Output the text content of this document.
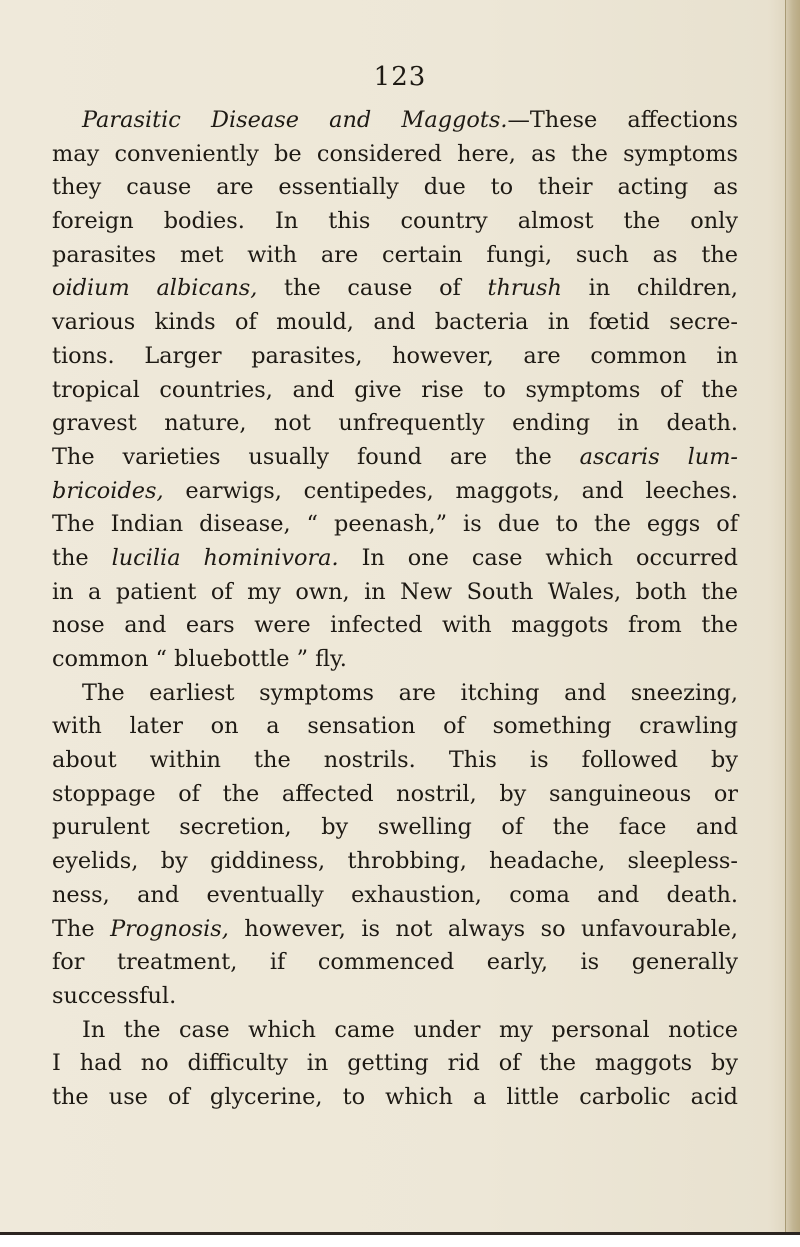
123
Parasitic Disease and Maggots.—These affections
may conveniently be considered here, as the symptoms
they cause are essentially due to their acting as
foreign bodies. In this country almost the only
parasites met with are certain fungi, such as the
oidium albicans, the cause of thrush in children,
various kinds of mould, and bacteria in fœtid secre-
tions. Larger parasites, however, are common in
tropical countries, and give rise to symptoms of the
gravest nature, not unfrequently ending in death.
The varieties usually found are the ascaris lum-
bricoides, earwigs, centipedes, maggots, and leeches.
The Indian disease, “ peenash,” is due to the eggs of
the lucilia hominivora. In one case which occurred
in a patient of my own, in New South Wales, both the
nose and ears were infected with maggots from the
common “ bluebottle ” fly.
The earliest symptoms are itching and sneezing,
with later on a sensation of something crawling
about within the nostrils. This is followed by
stoppage of the affected nostril, by sanguineous or
purulent secretion, by swelling of the face and
eyelids, by giddiness, throbbing, headache, sleepless-
ness, and eventually exhaustion, coma and death.
The Prognosis, however, is not always so unfavourable,
for treatment, if commenced early, is generally
successful.
In the case which came under my personal notice
I had no difficulty in getting rid of the maggots by
the use of glycerine, to which a little carbolic acid
